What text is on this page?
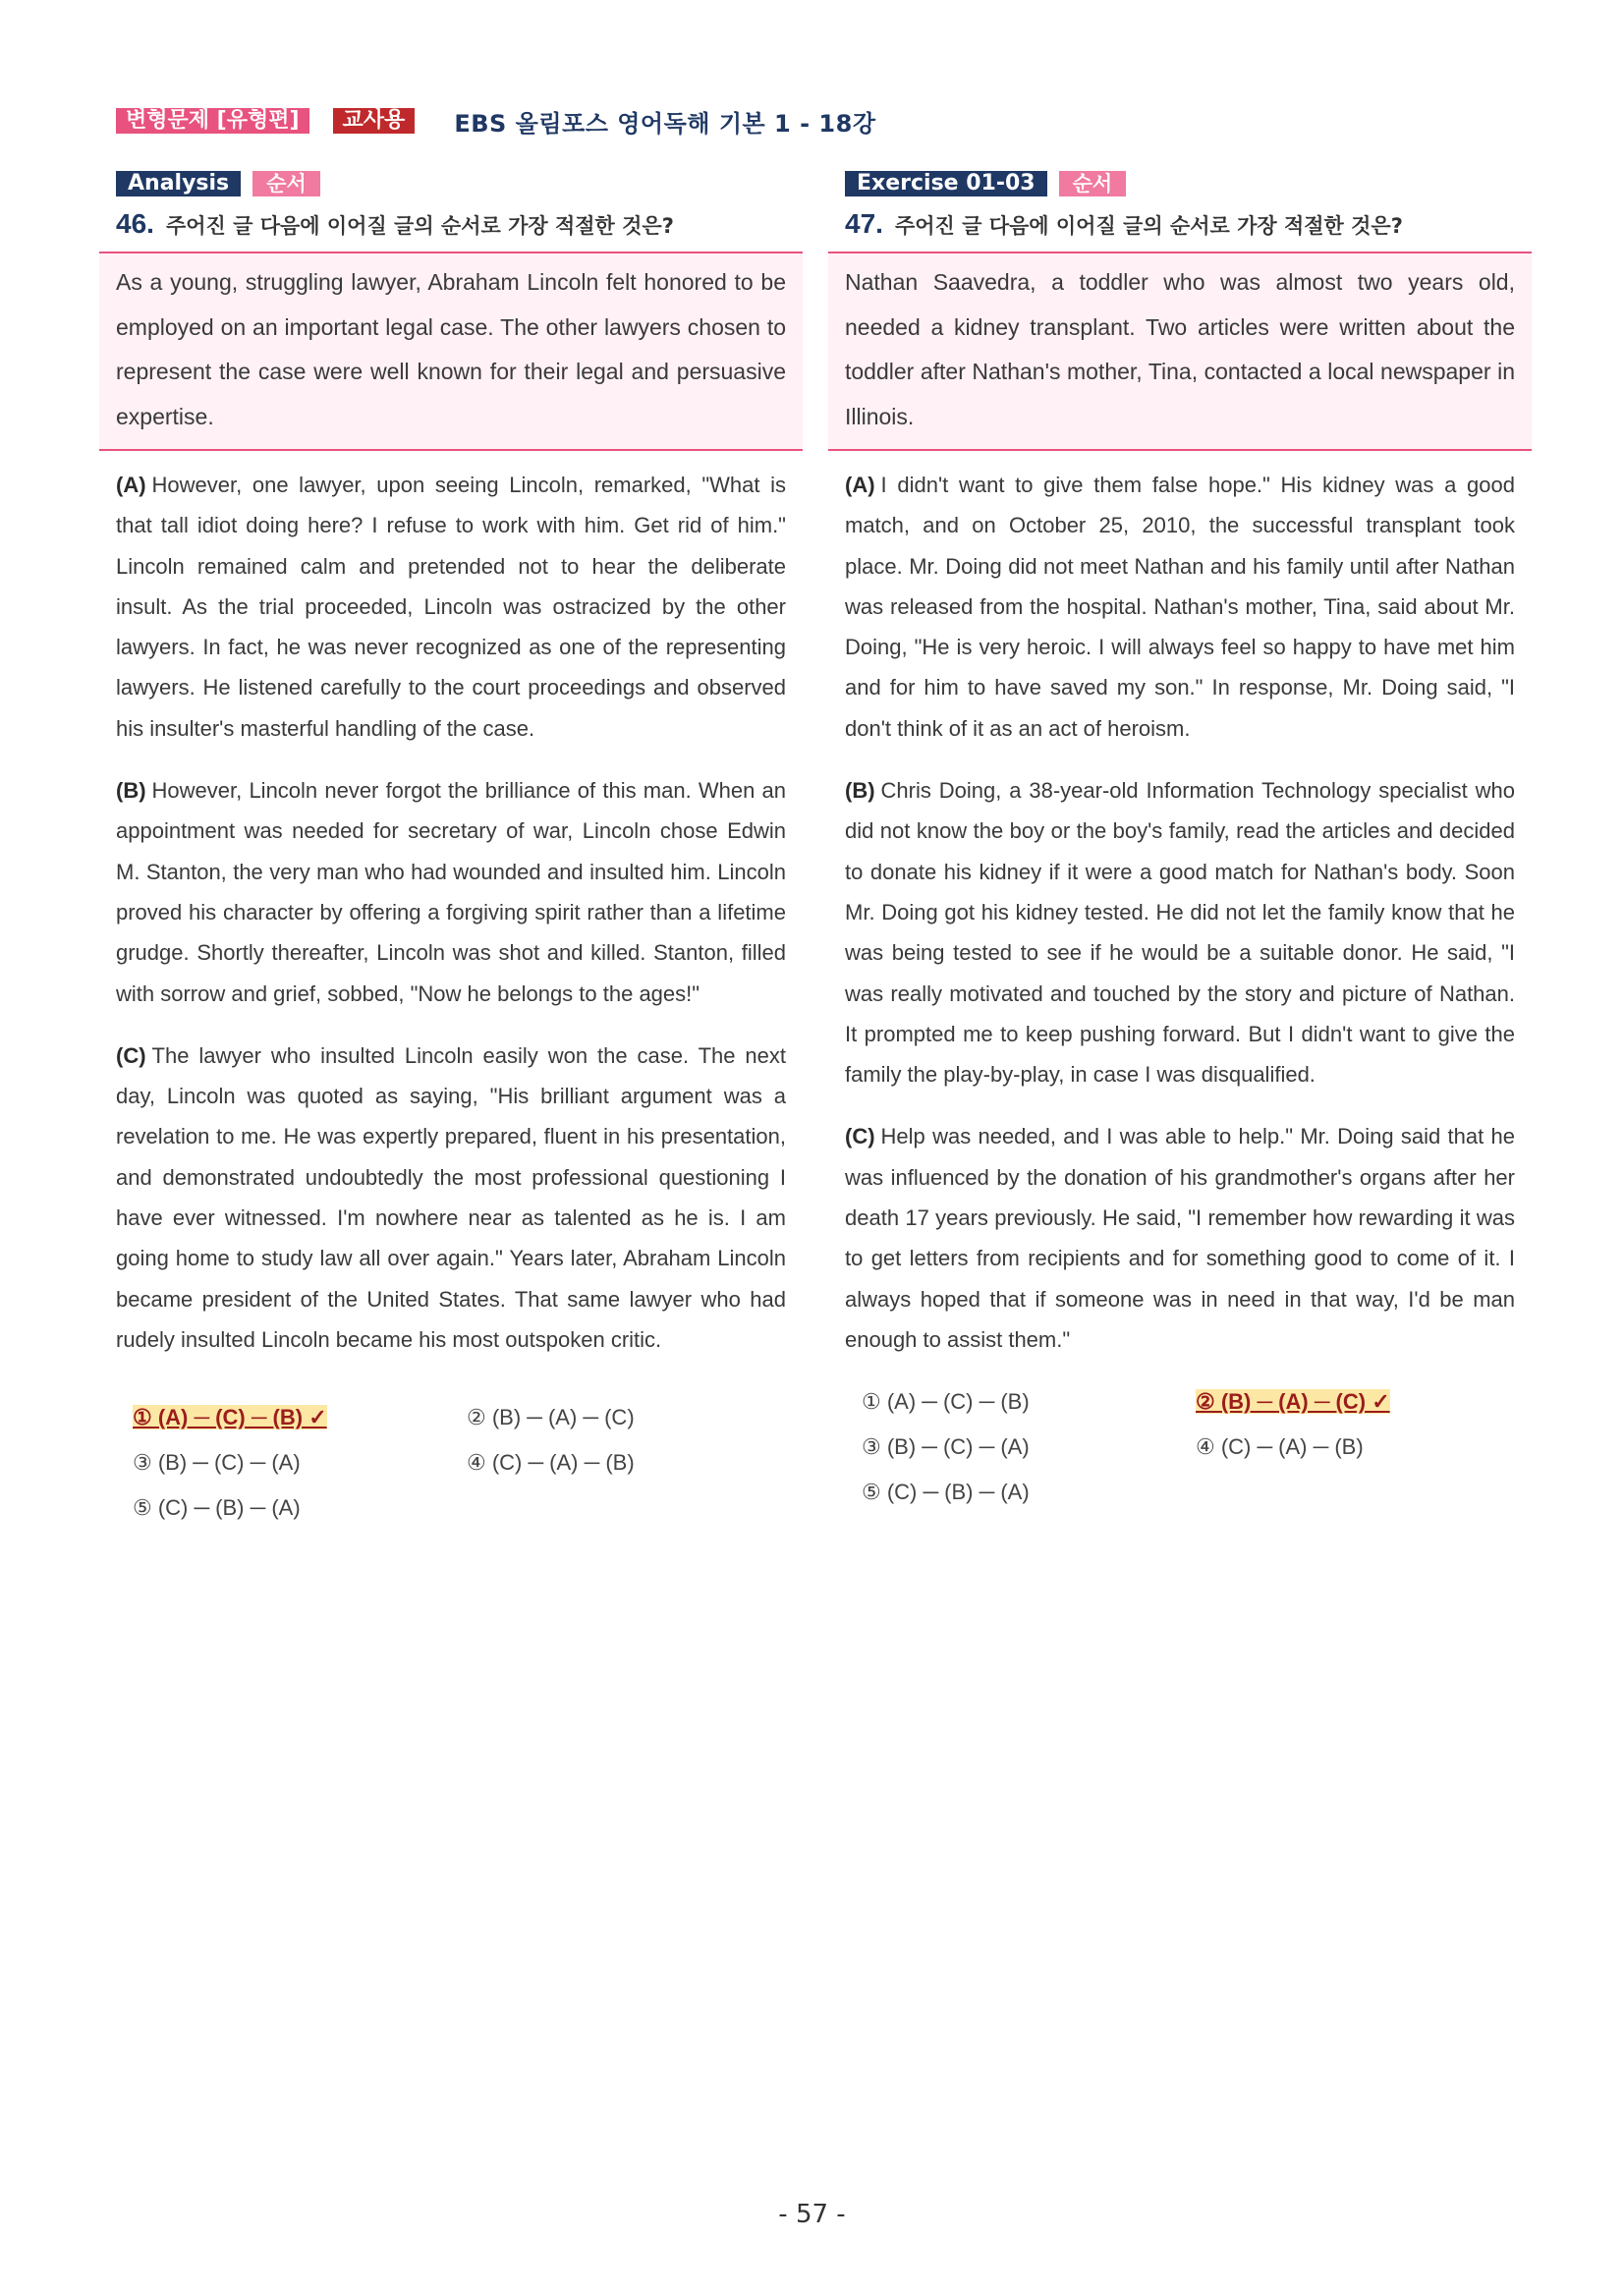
변형문제 [유형편]	교사용	EBS 올림포스 영어독해 기본 1 - 18강
Analysis	순서
46. 주어진 글 다음에 이어질 글의 순서로 가장 적절한 것은?
As a young, struggling lawyer, Abraham Lincoln felt honored to be employed on an important legal case. The other lawyers chosen to represent the case were well known for their legal and persuasive expertise.
(A) However, one lawyer, upon seeing Lincoln, remarked, "What is that tall idiot doing here? I refuse to work with him. Get rid of him." Lincoln remained calm and pretended not to hear the deliberate insult. As the trial proceeded, Lincoln was ostracized by the other lawyers. In fact, he was never recognized as one of the representing lawyers. He listened carefully to the court proceedings and observed his insulter's masterful handling of the case.
(B) However, Lincoln never forgot the brilliance of this man. When an appointment was needed for secretary of war, Lincoln chose Edwin M. Stanton, the very man who had wounded and insulted him. Lincoln proved his character by offering a forgiving spirit rather than a lifetime grudge. Shortly thereafter, Lincoln was shot and killed. Stanton, filled with sorrow and grief, sobbed, "Now he belongs to the ages!"
(C) The lawyer who insulted Lincoln easily won the case. The next day, Lincoln was quoted as saying, "His brilliant argument was a revelation to me. He was expertly prepared, fluent in his presentation, and demonstrated undoubtedly the most professional questioning I have ever witnessed. I'm nowhere near as talented as he is. I am going home to study law all over again." Years later, Abraham Lincoln became president of the United States. That same lawyer who had rudely insulted Lincoln became his most outspoken critic.
① (A) ─ (C) ─ (B) ✓	② (B) ─ (A) ─ (C)
③ (B) ─ (C) ─ (A)	④ (C) ─ (A) ─ (B)
⑤ (C) ─ (B) ─ (A)
Exercise 01-03	순서
47. 주어진 글 다음에 이어질 글의 순서로 가장 적절한 것은?
Nathan Saavedra, a toddler who was almost two years old, needed a kidney transplant. Two articles were written about the toddler after Nathan's mother, Tina, contacted a local newspaper in Illinois.
(A) I didn't want to give them false hope." His kidney was a good match, and on October 25, 2010, the successful transplant took place. Mr. Doing did not meet Nathan and his family until after Nathan was released from the hospital. Nathan's mother, Tina, said about Mr. Doing, "He is very heroic. I will always feel so happy to have met him and for him to have saved my son." In response, Mr. Doing said, "I don't think of it as an act of heroism.
(B) Chris Doing, a 38-year-old Information Technology specialist who did not know the boy or the boy's family, read the articles and decided to donate his kidney if it were a good match for Nathan's body. Soon Mr. Doing got his kidney tested. He did not let the family know that he was being tested to see if he would be a suitable donor. He said, "I was really motivated and touched by the story and picture of Nathan. It prompted me to keep pushing forward. But I didn't want to give the family the play-by-play, in case I was disqualified.
(C) Help was needed, and I was able to help." Mr. Doing said that he was influenced by the donation of his grandmother's organs after her death 17 years previously. He said, "I remember how rewarding it was to get letters from recipients and for something good to come of it. I always hoped that if someone was in need in that way, I'd be man enough to assist them."
① (A) ─ (C) ─ (B)	② (B) ─ (A) ─ (C) ✓
③ (B) ─ (C) ─ (A)	④ (C) ─ (A) ─ (B)
⑤ (C) ─ (B) ─ (A)
- 57 -
